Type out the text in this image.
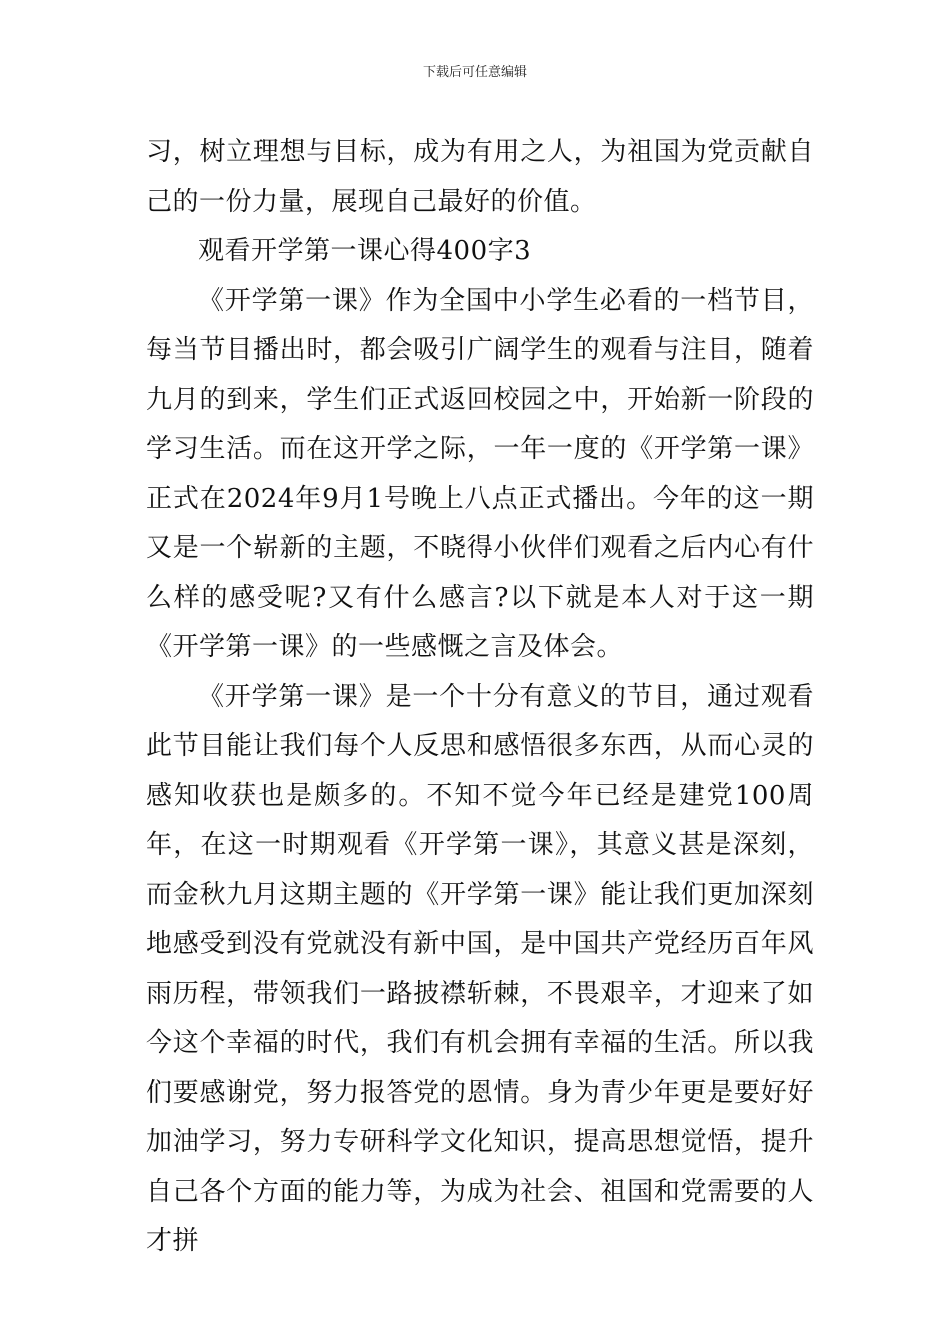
下载后可任意编辑

习，树立理想与目标，成为有用之人，为祖国为党贡献自己的一份力量，展现自己最好的价值。

观看开学第一课心得400字3

《开学第一课》作为全国中小学生必看的一档节目，每当节目播出时，都会吸引广阔学生的观看与注目，随着九月的到来，学生们正式返回校园之中，开始新一阶段的学习生活。而在这开学之际，一年一度的《开学第一课》正式在2024年9月1号晚上八点正式播出。今年的这一期又是一个崭新的主题，不晓得小伙伴们观看之后内心有什么样的感受呢?又有什么感言?以下就是本人对于这一期《开学第一课》的一些感慨之言及体会。

《开学第一课》是一个十分有意义的节目，通过观看此节目能让我们每个人反思和感悟很多东西，从而心灵的感知收获也是颇多的。不知不觉今年已经是建党100周年，在这一时期观看《开学第一课》，其意义甚是深刻，而金秋九月这期主题的《开学第一课》能让我们更加深刻地感受到没有党就没有新中国，是中国共产党经历百年风雨历程，带领我们一路披襟斩棘，不畏艰辛，才迎来了如今这个幸福的时代，我们有机会拥有幸福的生活。所以我们要感谢党，努力报答党的恩情。身为青少年更是要好好加油学习，努力专研科学文化知识，提高思想觉悟，提升自己各个方面的能力等，为成为社会、祖国和党需要的人才拼
